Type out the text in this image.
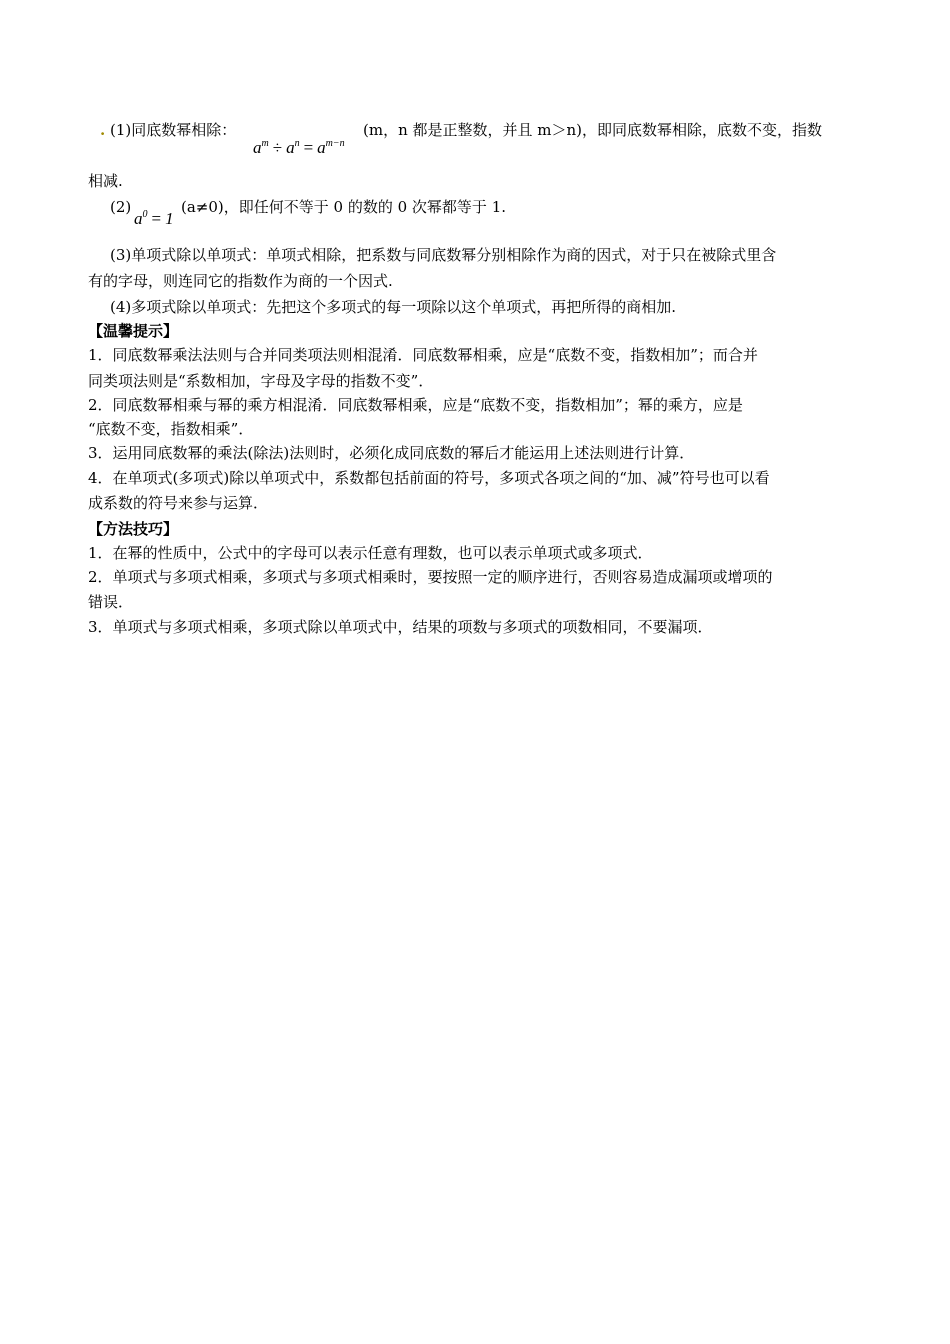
. (1)同底数幂相除：
$a^m \div a^n = a^{m-n}$
(m，n 都是正整数，并且 m＞n)，即同底数幂相除，底数不变，指数
相减.
(2)
$a^0 = 1$
(a≠0)，即任何不等于 0 的数的 0 次幂都等于 1.
(3)单项式除以单项式：单项式相除，把系数与同底数幂分别相除作为商的因式，对于只在被除式里含
有的字母，则连同它的指数作为商的一个因式.
(4)多项式除以单项式：先把这个多项式的每一项除以这个单项式，再把所得的商相加.
【温馨提示】
1．同底数幂乘法法则与合并同类项法则相混淆．同底数幂相乘，应是“底数不变，指数相加”；而合并
同类项法则是“系数相加，字母及字母的指数不变”．
2．同底数幂相乘与幂的乘方相混淆．同底数幂相乘，应是“底数不变，指数相加”；幂的乘方，应是
“底数不变，指数相乘”．
3．运用同底数幂的乘法(除法)法则时，必须化成同底数的幂后才能运用上述法则进行计算．
4．在单项式(多项式)除以单项式中，系数都包括前面的符号，多项式各项之间的“加、减”符号也可以看
成系数的符号来参与运算．
【方法技巧】
1．在幂的性质中，公式中的字母可以表示任意有理数，也可以表示单项式或多项式．
2．单项式与多项式相乘，多项式与多项式相乘时，要按照一定的顺序进行，否则容易造成漏项或增项的
错误．
3．单项式与多项式相乘，多项式除以单项式中，结果的项数与多项式的项数相同，不要漏项．
